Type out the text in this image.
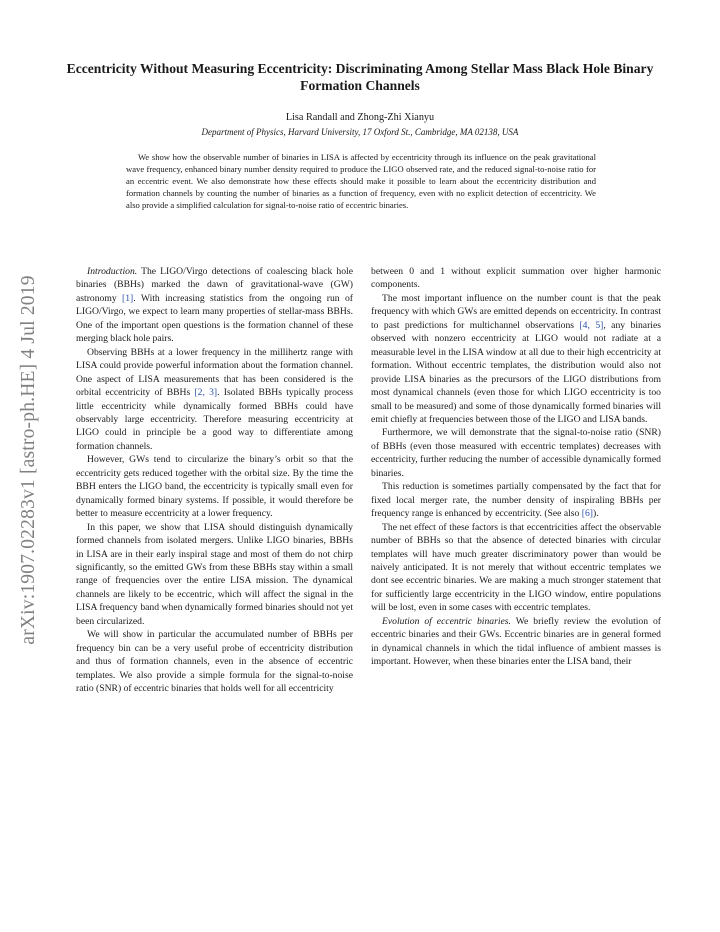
Eccentricity Without Measuring Eccentricity: Discriminating Among Stellar Mass Black Hole Binary Formation Channels
Lisa Randall and Zhong-Zhi Xianyu
Department of Physics, Harvard University, 17 Oxford St., Cambridge, MA 02138, USA
We show how the observable number of binaries in LISA is affected by eccentricity through its influence on the peak gravitational wave frequency, enhanced binary number density required to produce the LIGO observed rate, and the reduced signal-to-noise ratio for an eccentric event. We also demonstrate how these effects should make it possible to learn about the eccentricity distribution and formation channels by counting the number of binaries as a function of frequency, even with no explicit detection of eccentricity. We also provide a simplified calculation for signal-to-noise ratio of eccentric binaries.
arXiv:1907.02283v1 [astro-ph.HE] 4 Jul 2019

Introduction. The LIGO/Virgo detections of coalescing black hole binaries (BBHs) marked the dawn of gravitational-wave (GW) astronomy [1]. With increasing statistics from the ongoing run of LIGO/Virgo, we expect to learn many properties of stellar-mass BBHs. One of the important open questions is the formation channel of these merging black hole pairs.

Observing BBHs at a lower frequency in the millihertz range with LISA could provide powerful information about the formation channel. One aspect of LISA measurements that has been considered is the orbital eccentricity of BBHs [2, 3]. Isolated BBHs typically process little eccentricity while dynamically formed BBHs could have observably large eccentricity. Therefore measuring eccentricity at LIGO could in principle be a good way to differentiate among formation channels.

However, GWs tend to circularize the binary’s orbit so that the eccentricity gets reduced together with the orbital size. By the time the BBH enters the LIGO band, the eccentricity is typically small even for dynamically formed binary systems. If possible, it would therefore be better to measure eccentricity at a lower frequency.

In this paper, we show that LISA should distinguish dynamically formed channels from isolated mergers. Unlike LIGO binaries, BBHs in LISA are in their early inspiral stage and most of them do not chirp significantly, so the emitted GWs from these BBHs stay within a small range of frequencies over the entire LISA mission. The dynamical channels are likely to be eccentric, which will affect the signal in the LISA frequency band when dynamically formed binaries should not yet been circularized.

We will show in particular the accumulated number of BBHs per frequency bin can be a very useful probe of eccentricity distribution and thus of formation channels, even in the absence of eccentric templates. We also provide a simple formula for the signal-to-noise ratio (SNR) of eccentric binaries that holds well for all eccentricity

between 0 and 1 without explicit summation over higher harmonic components.

The most important influence on the number count is that the peak frequency with which GWs are emitted depends on eccentricity. In contrast to past predictions for multichannel observations [4, 5], any binaries observed with nonzero eccentricity at LIGO would not radiate at a measurable level in the LISA window at all due to their high eccentricity at formation. Without eccentric templates, the distribution would also not provide LISA binaries as the precursors of the LIGO distributions from most dynamical channels (even those for which LIGO eccentricity is too small to be measured) and some of those dynamically formed binaries will emit chiefly at frequencies between those of the LIGO and LISA bands.

Furthermore, we will demonstrate that the signal-to-noise ratio (SNR) of BBHs (even those measured with eccentric templates) decreases with eccentricity, further reducing the number of accessible dynamically formed binaries.

This reduction is sometimes partially compensated by the fact that for fixed local merger rate, the number density of inspiraling BBHs per frequency range is enhanced by eccentricity. (See also [6]).

The net effect of these factors is that eccentricities affect the observable number of BBHs so that the absence of detected binaries with circular templates will have much greater discriminatory power than would be naively anticipated. It is not merely that without eccentric templates we dont see eccentric binaries. We are making a much stronger statement that for sufficiently large eccentricity in the LIGO window, entire populations will be lost, even in some cases with eccentric templates.

Evolution of eccentric binaries. We briefly review the evolution of eccentric binaries and their GWs. Eccentric binaries are in general formed in dynamical channels in which the tidal influence of ambient masses is important. However, when these binaries enter the LISA band, their
